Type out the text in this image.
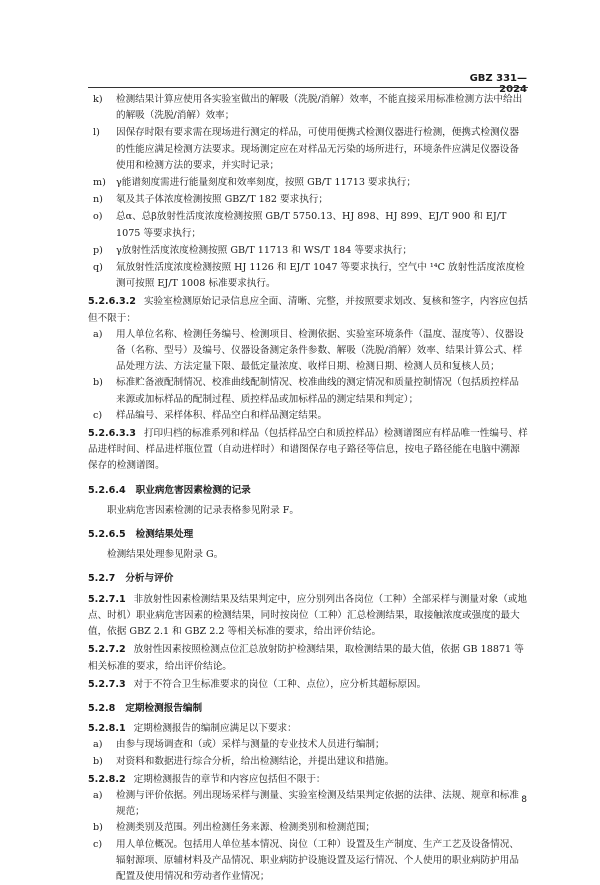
GBZ 331—2024
k) 检测结果计算应使用各实验室做出的解吸（洗脱/消解）效率，不能直接采用标准检测方法中给出的解吸（洗脱/消解）效率；
l) 因保存时限有要求需在现场进行测定的样品，可使用便携式检测仪器进行检测，便携式检测仪器的性能应满足检测方法要求。现场测定应在对样品无污染的场所进行，环境条件应满足仪器设备使用和检测方法的要求，并实时记录；
m) γ能谱刻度需进行能量刻度和效率刻度，按照 GB/T 11713 要求执行；
n) 氡及其子体浓度检测按照 GBZ/T 182 要求执行；
o) 总α、总β放射性活度浓度检测按照 GB/T 5750.13、HJ 898、HJ 899、EJ/T 900 和 EJ/T 1075 等要求执行；
p) γ放射性活度浓度检测按照 GB/T 11713 和 WS/T 184 等要求执行；
q) 氚放射性活度浓度检测按照 HJ 1126 和 EJ/T 1047 等要求执行，空气中 ¹⁴C 放射性活度浓度检测可按照 EJ/T 1008 标准要求执行。
5.2.6.3.2 实验室检测原始记录信息应全面、清晰、完整，并按照要求划改、复核和签字，内容应包括但不限于：
a) 用人单位名称、检测任务编号、检测项目、检测依据、实验室环境条件（温度、湿度等）、仪器设备（名称、型号）及编号、仪器设备测定条件参数、解吸（洗脱/消解）效率、结果计算公式、样品处理方法、方法定量下限、最低定量浓度、收样日期、检测日期、检测人员和复核人员；
b) 标准贮备液配制情况、校准曲线配制情况、校准曲线的测定情况和质量控制情况（包括质控样品来源或加标样品的配制过程、质控样品或加标样品的测定结果和判定）；
c) 样品编号、采样体积、样品空白和样品测定结果。
5.2.6.3.3 打印归档的标准系列和样品（包括样品空白和质控样品）检测谱图应有样品唯一性编号、样品进样时间、样品进样瓶位置（自动进样时）和谱图保存电子路径等信息，按电子路径能在电脑中溯源保存的检测谱图。
5.2.6.4 职业病危害因素检测的记录
职业病危害因素检测的记录表格参见附录 F。
5.2.6.5 检测结果处理
检测结果处理参见附录 G。
5.2.7 分析与评价
5.2.7.1 非放射性因素检测结果及结果判定中，应分别列出各岗位（工种）全部采样与测量对象（或地点、时机）职业病危害因素的检测结果，同时按岗位（工种）汇总检测结果，取接触浓度或强度的最大值，依据 GBZ 2.1 和 GBZ 2.2 等相关标准的要求，给出评价结论。
5.2.7.2 放射性因素按照检测点位汇总放射防护检测结果，取检测结果的最大值，依据 GB 18871 等相关标准的要求，给出评价结论。
5.2.7.3 对于不符合卫生标准要求的岗位（工种、点位），应分析其超标原因。
5.2.8 定期检测报告编制
5.2.8.1 定期检测报告的编制应满足以下要求：
a) 由参与现场调查和（或）采样与测量的专业技术人员进行编制；
b) 对资料和数据进行综合分析，给出检测结论，并提出建议和措施。
5.2.8.2 定期检测报告的章节和内容应包括但不限于：
a) 检测与评价依据。列出现场采样与测量、实验室检测及结果判定依据的法律、法规、规章和标准规范；
b) 检测类别及范围。列出检测任务来源、检测类别和检测范围；
c) 用人单位概况。包括用人单位基本情况、岗位（工种）设置及生产制度、生产工艺及设备情况、辐射源项、原辅材料及产品情况、职业病防护设施设置及运行情况、个人使用的职业病防护用品配置及使用情况和劳动者作业情况；
8
